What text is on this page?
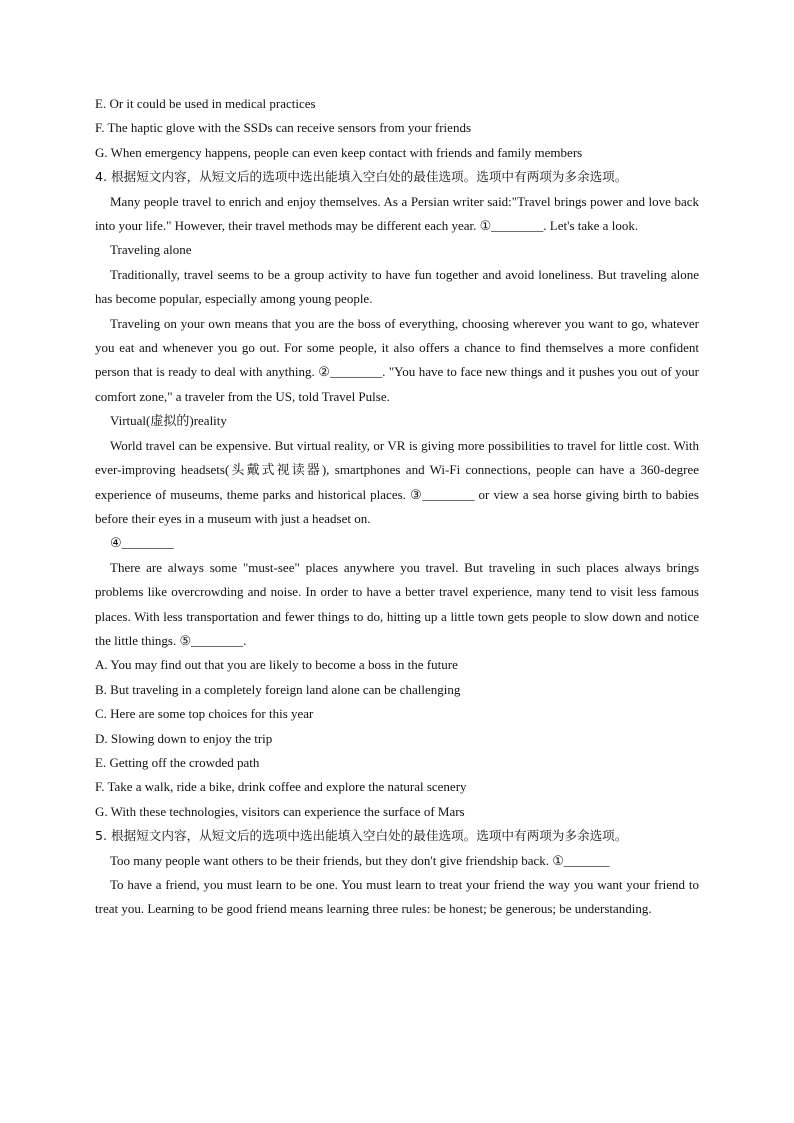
E. Or it could be used in medical practices
F. The haptic glove with the SSDs can receive sensors from your friends
G. When emergency happens, people can even keep contact with friends and family members
4. 根据短文内容，从短文后的选项中选出能填入空白处的最佳选项。选项中有两项为多余选项。

Many people travel to enrich and enjoy themselves. As a Persian writer said:"Travel brings power and love back into your life." However, their travel methods may be different each year. ①________. Let's take a look.

Traveling alone

Traditionally, travel seems to be a group activity to have fun together and avoid loneliness. But traveling alone has become popular, especially among young people.

Traveling on your own means that you are the boss of everything, choosing wherever you want to go, whatever you eat and whenever you go out. For some people, it also offers a chance to find themselves a more confident person that is ready to deal with anything. ②________. "You have to face new things and it pushes you out of your comfort zone," a traveler from the US, told Travel Pulse.

Virtual(虚拟的)reality

World travel can be expensive. But virtual reality, or VR is giving more possibilities to travel for little cost. With ever-improving headsets(头戴式视读器), smartphones and Wi-Fi connections, people can have a 360-degree experience of museums, theme parks and historical places. ③________ or view a sea horse giving birth to babies before their eyes in a museum with just a headset on.

④________

There are always some "must-see" places anywhere you travel. But traveling in such places always brings problems like overcrowding and noise. In order to have a better travel experience, many tend to visit less famous places. With less transportation and fewer things to do, hitting up a little town gets people to slow down and notice the little things. ⑤________.

A. You may find out that you are likely to become a boss in the future
B. But traveling in a completely foreign land alone can be challenging
C. Here are some top choices for this year
D. Slowing down to enjoy the trip
E. Getting off the crowded path
F. Take a walk, ride a bike, drink coffee and explore the natural scenery
G. With these technologies, visitors can experience the surface of Mars
5. 根据短文内容，从短文后的选项中选出能填入空白处的最佳选项。选项中有两项为多余选项。

Too many people want others to be their friends, but they don't give friendship back. ①_______

To have a friend, you must learn to be one. You must learn to treat your friend the way you want your friend to treat you. Learning to be good friend means learning three rules: be honest; be generous; be understanding.
